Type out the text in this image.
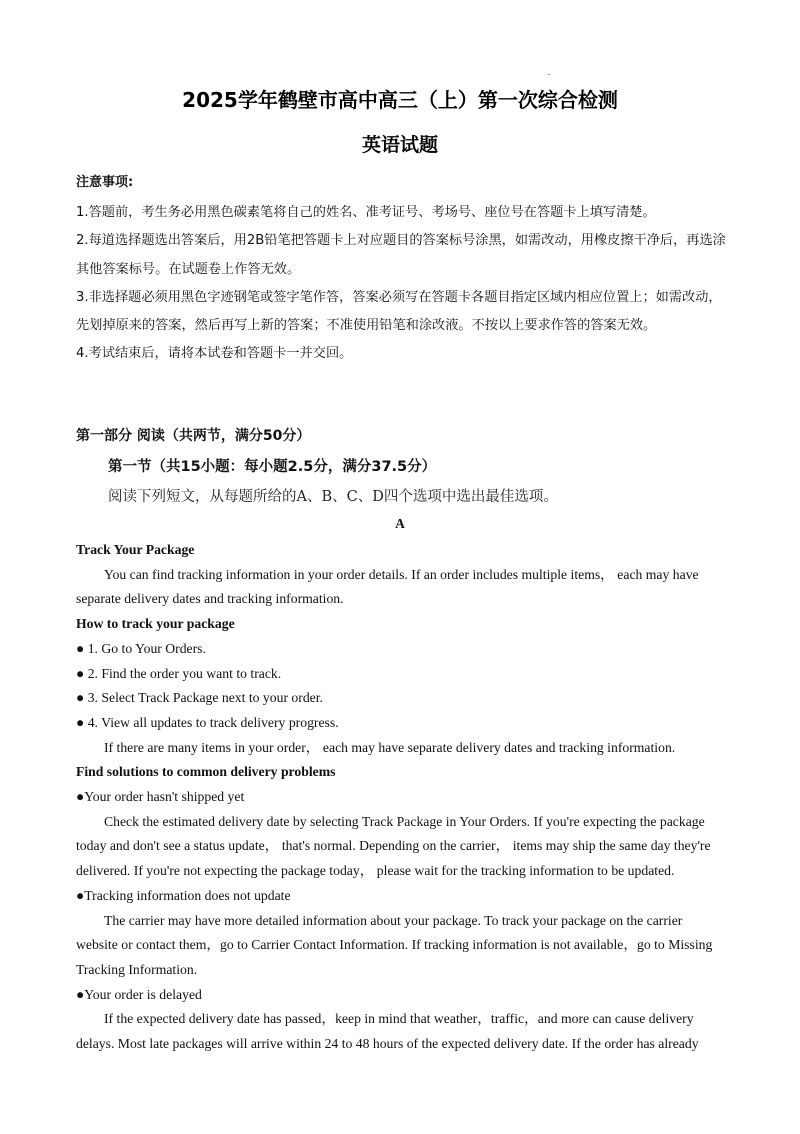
2025学年鹤壁市高中高三（上）第一次综合检测
英语试题
注意事项:

1.答题前，考生务必用黑色碳素笔将自己的姓名、准考证号、考场号、座位号在答题卡上填写清楚。

2.每道选择题选出答案后，用2B铅笔把答题卡上对应题目的答案标号涂黑，如需改动，用橡皮擦干净后，再选涂其他答案标号。在试题卷上作答无效。

3.非选择题必须用黑色字迹钢笔或签字笔作答，答案必须写在答题卡各题目指定区域内相应位置上；如需改动，先划掉原来的答案，然后再写上新的答案；不准使用铅笔和涂改液。不按以上要求作答的答案无效。

4.考试结束后，请将本试卷和答题卡一并交回。

第一部分 阅读（共两节，满分50分）
第一节（共15小题：每小题2.5分，满分37.5分）
阅读下列短文，从每题所给的A、B、C、D四个选项中选出最佳选项。
A

Track Your Package

You can find tracking information in your order details. If an order includes multiple items， each may have separate delivery dates and tracking information.

How to track your package

● 1. Go to Your Orders.

● 2. Find the order you want to track.

● 3. Select Track Package next to your order.

● 4. View all updates to track delivery progress.

If there are many items in your order， each may have separate delivery dates and tracking information.

Find solutions to common delivery problems

●Your order hasn't shipped yet

Check the estimated delivery date by selecting Track Package in Your Orders. If you're expecting the package today and don't see a status update， that's normal. Depending on the carrier， items may ship the same day they're delivered. If you're not expecting the package today， please wait for the tracking information to be updated.

●Tracking information does not update

The carrier may have more detailed information about your package. To track your package on the carrier website or contact them，go to Carrier Contact Information. If tracking information is not available，go to Missing Tracking Information.

●Your order is delayed

If the expected delivery date has passed，keep in mind that weather，traffic，and more can cause delivery delays. Most late packages will arrive within 24 to 48 hours of the expected delivery date. If the order has already
